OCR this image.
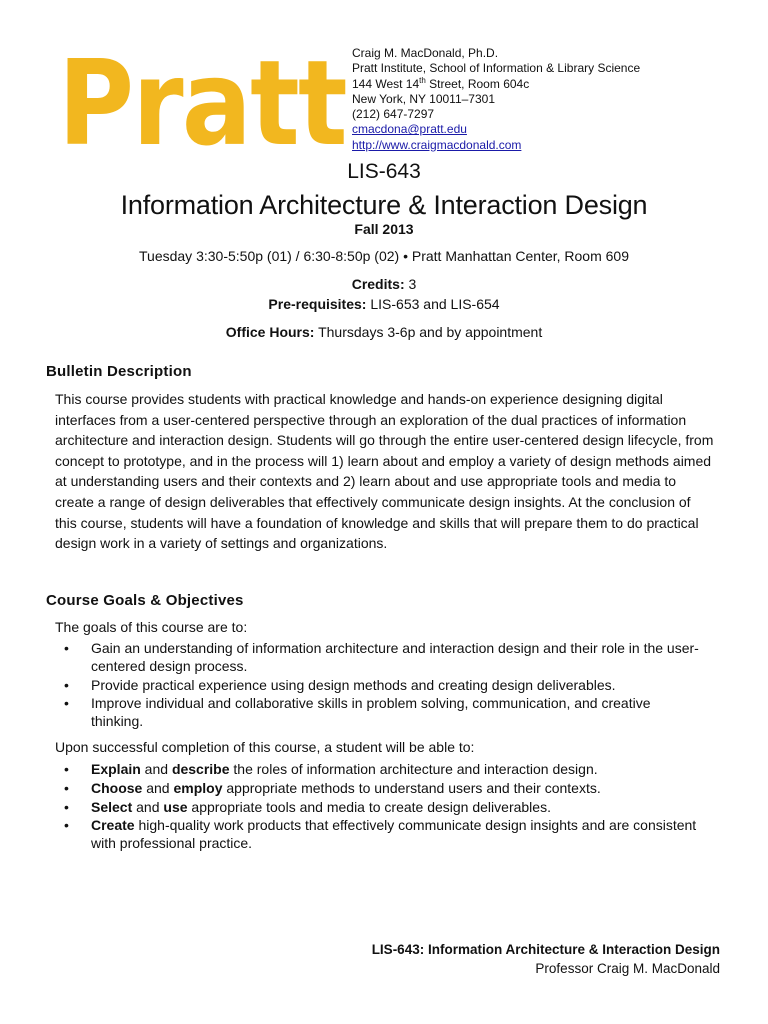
Pratt Craig M. MacDonald, Ph.D.
Pratt Institute, School of Information & Library Science
144 West 14th Street, Room 604c
New York, NY 10011–7301
(212) 647-7297
cmacdona@pratt.edu
http://www.craigmacdonald.com
LIS-643
Information Architecture & Interaction Design
Fall 2013
Tuesday 3:30-5:50p (01) / 6:30-8:50p (02) • Pratt Manhattan Center, Room 609
Credits: 3
Pre-requisites: LIS-653 and LIS-654
Office Hours: Thursdays 3-6p and by appointment
Bulletin Description
This course provides students with practical knowledge and hands-on experience designing digital interfaces from a user-centered perspective through an exploration of the dual practices of information architecture and interaction design. Students will go through the entire user-centered design lifecycle, from concept to prototype, and in the process will 1) learn about and employ a variety of design methods aimed at understanding users and their contexts and 2) learn about and use appropriate tools and media to create a range of design deliverables that effectively communicate design insights. At the conclusion of this course, students will have a foundation of knowledge and skills that will prepare them to do practical design work in a variety of settings and organizations.
Course Goals & Objectives
The goals of this course are to:
• Gain an understanding of information architecture and interaction design and their role in the user-centered design process.
• Provide practical experience using design methods and creating design deliverables.
• Improve individual and collaborative skills in problem solving, communication, and creative thinking.
Upon successful completion of this course, a student will be able to:
• Explain and describe the roles of information architecture and interaction design.
• Choose and employ appropriate methods to understand users and their contexts.
• Select and use appropriate tools and media to create design deliverables.
• Create high-quality work products that effectively communicate design insights and are consistent with professional practice.
LIS-643: Information Architecture & Interaction Design
Professor Craig M. MacDonald
